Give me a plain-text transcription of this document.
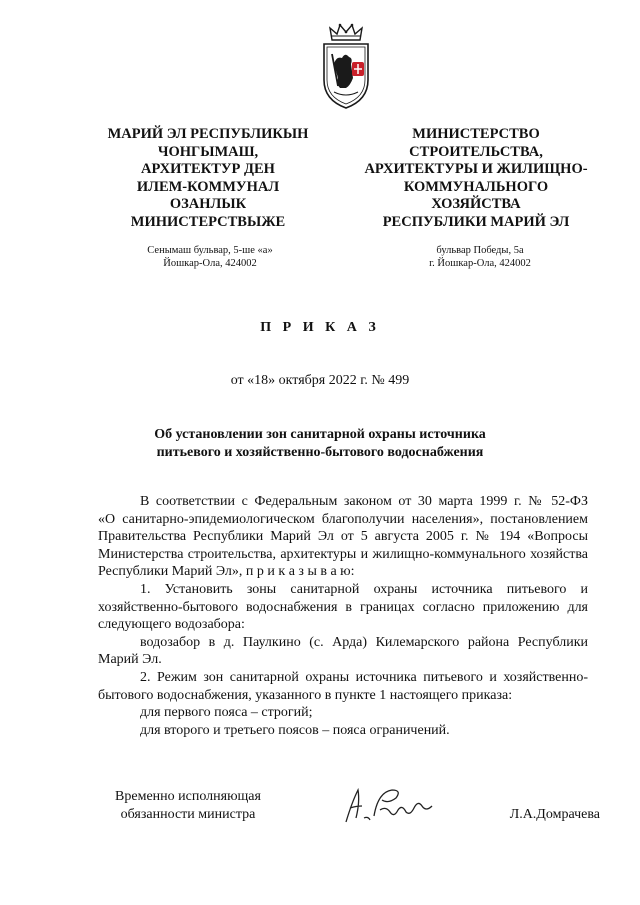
МАРИЙ ЭЛ РЕСПУБЛИКЫН
ЧОНГЫМАШ,
АРХИТЕКТУР ДЕН
ИЛЕМ-КОММУНАЛ
ОЗАНЛЫК
МИНИСТЕРСТВЫЖЕ
МИНИСТЕРСТВО
СТРОИТЕЛЬСТВА,
АРХИТЕКТУРЫ И ЖИЛИЩНО-
КОММУНАЛЬНОГО
ХОЗЯЙСТВА
РЕСПУБЛИКИ МАРИЙ ЭЛ
Сенымаш бульвар, 5-ше «а»
Йошкар-Ола, 424002
бульвар Победы, 5а
г. Йошкар-Ола, 424002
П Р И К А З
от «18» октября 2022 г. № 499
Об установлении зон санитарной охраны источника
питьевого и хозяйственно-бытового водоснабжения

В соответствии с Федеральным законом от 30 марта 1999 г. № 52-ФЗ

«О санитарно-эпидемиологическом благополучии населения», постановлением Правительства Республики Марий Эл от 5 августа 2005 г. № 194 «Вопросы Министерства строительства, архитектуры и жилищно-коммунального хозяйства Республики Марий Эл», п р и к а з ы в а ю:

1. Установить зоны санитарной охраны источника питьевого и хозяйственно-бытового водоснабжения в границах согласно приложению для следующего водозабора:

водозабор в д. Паулкино (с. Арда) Килемарского района Республики Марий Эл.

2. Режим зон санитарной охраны источника питьевого и хозяйственно-бытового водоснабжения, указанного в пункте 1 настоящего приказа:

для первого пояса – строгий;

для второго и третьего поясов – пояса ограничений.

Временно исполняющая
обязанности министра	Л.А.Домрачева
